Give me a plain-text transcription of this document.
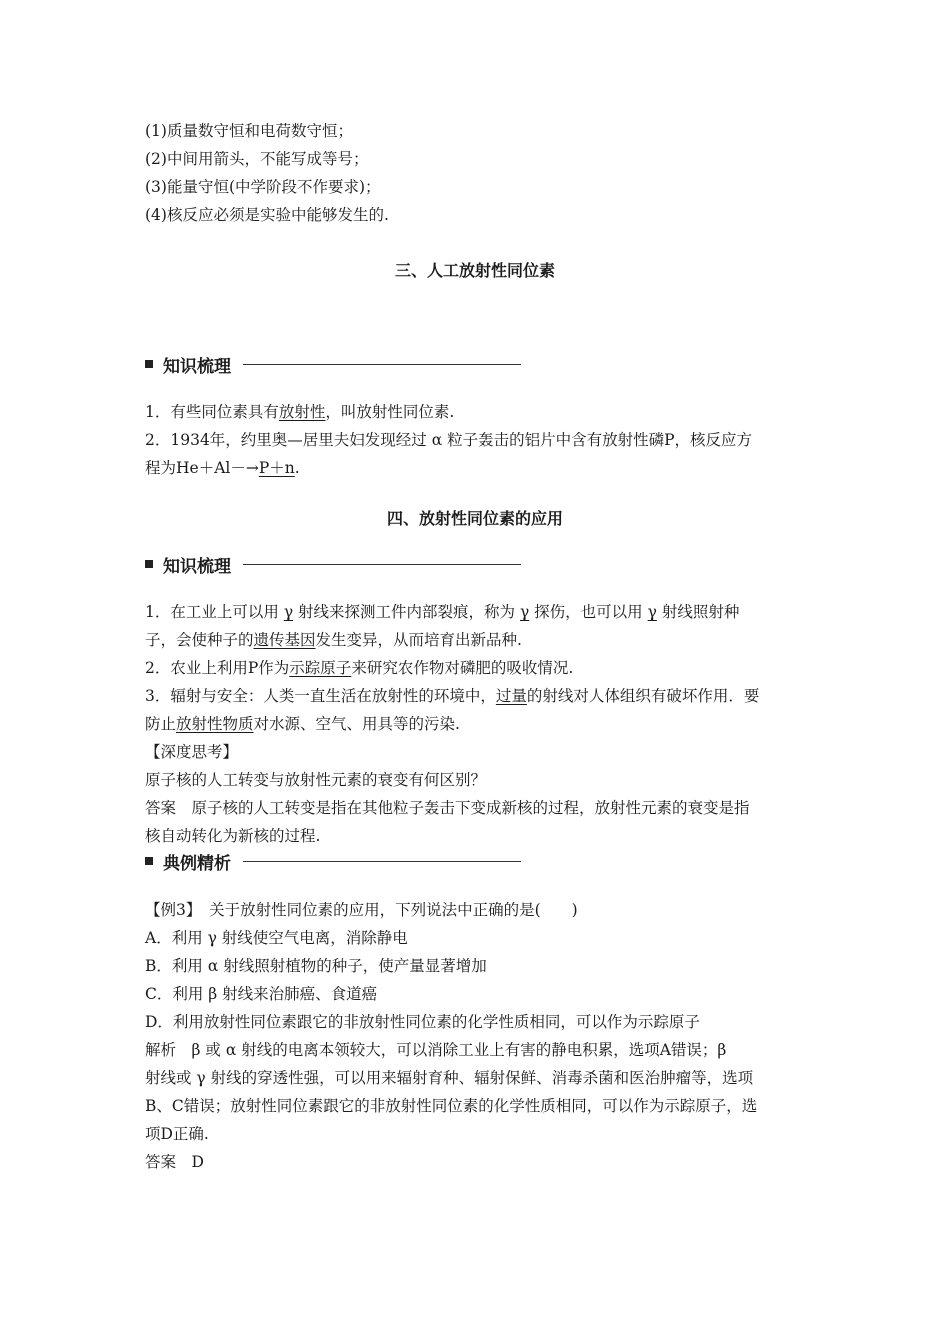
(1)质量数守恒和电荷数守恒；
(2)中间用箭头，不能写成等号；
(3)能量守恒(中学阶段不作要求)；
(4)核反应必须是实验中能够发生的.
三、人工放射性同位素
知识梳理
1．有些同位素具有放射性，叫放射性同位素.
2．1934年，约里奥—居里夫妇发现经过 α 粒子轰击的铝片中含有放射性磷P，核反应方
程为He＋Al－→P＋n.
四、放射性同位素的应用
知识梳理
1．在工业上可以用 γ 射线来探测工件内部裂痕，称为 γ 探伤，也可以用 γ 射线照射种
子，会使种子的遗传基因发生变异，从而培育出新品种.
2．农业上利用P作为示踪原子来研究农作物对磷肥的吸收情况.
3．辐射与安全：人类一直生活在放射性的环境中，过量的射线对人体组织有破坏作用．要
防止放射性物质对水源、空气、用具等的污染.
【深度思考】
原子核的人工转变与放射性元素的衰变有何区别？
答案　原子核的人工转变是指在其他粒子轰击下变成新核的过程，放射性元素的衰变是指
核自动转化为新核的过程.
典例精析
【例3】　关于放射性同位素的应用，下列说法中正确的是(　　)
A．利用 γ 射线使空气电离，消除静电
B．利用 α 射线照射植物的种子，使产量显著增加
C．利用 β 射线来治肺癌、食道癌
D．利用放射性同位素跟它的非放射性同位素的化学性质相同，可以作为示踪原子
解析　β 或 α 射线的电离本领较大，可以消除工业上有害的静电积累，选项A错误；β
射线或 γ 射线的穿透性强，可以用来辐射育种、辐射保鲜、消毒杀菌和医治肿瘤等，选项
B、C错误；放射性同位素跟它的非放射性同位素的化学性质相同，可以作为示踪原子，选
项D正确.
答案　D
